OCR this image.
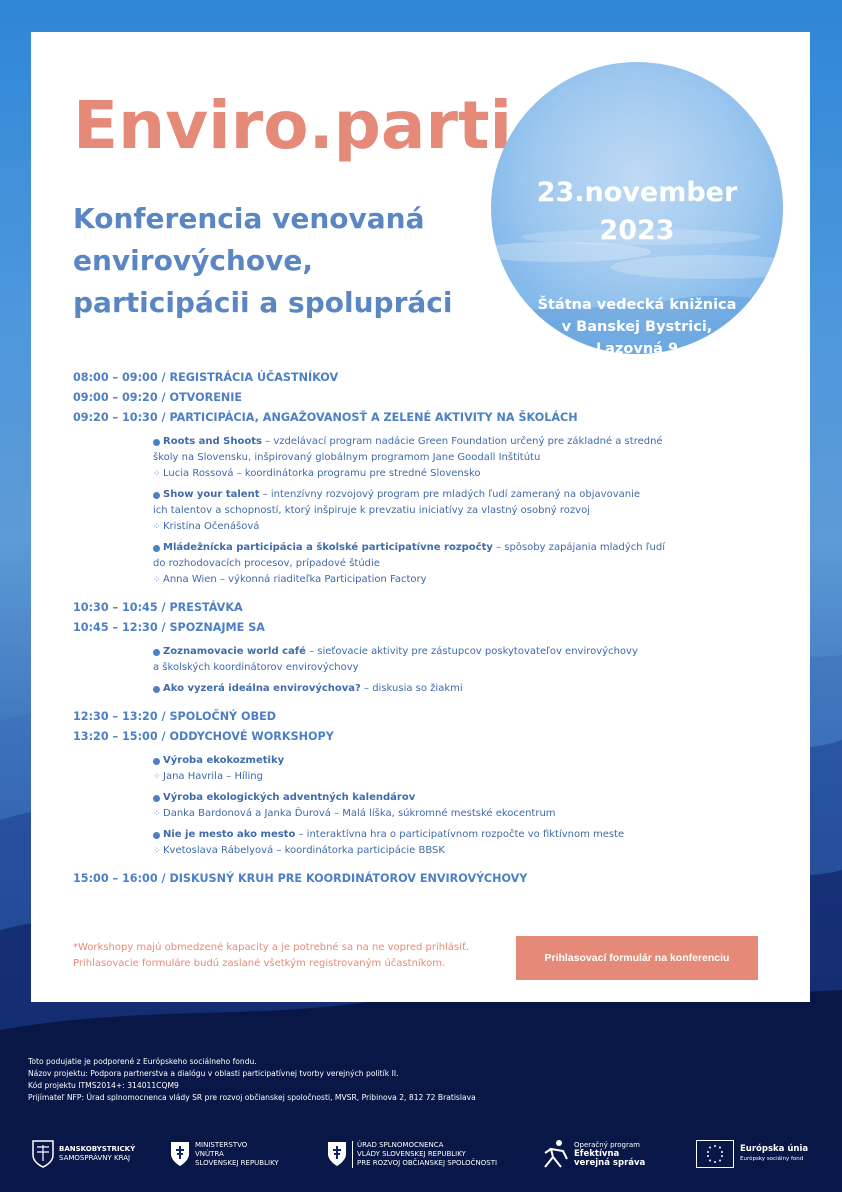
Enviro.parti
Konferencia venovaná
envirovýchove,
participácii a spolupráci
23.november
2023
Štátna vedecká knižnica
v Banskej Bystrici,
Lazovná 9
08:00 – 09:00 / REGISTRÁCIA ÚČASTNÍKOV
09:00 – 09:20 / OTVORENIE
09:20 – 10:30 / PARTICIPÁCIA, ANGAŽOVANOSŤ A ZELENÉ AKTIVITY NA ŠKOLÁCH
Roots and Shoots – vzdelávací program nadácie Green Foundation určený pre základné a stredné
školy na Slovensku, inšpirovaný globálnym programom Jane Goodall Inštitútu
⁘ Lucia Rossová – koordinátorka programu pre stredné Slovensko
Show your talent – intenzívny rozvojový program pre mladých ľudí zameraný na objavovanie
ich talentov a schopností, ktorý inšpiruje k prevzatiu iniciatívy za vlastný osobný rozvoj
⁘ Kristína Očenášová
Mládežnícka participácia a školské participatívne rozpočty – spôsoby zapájania mladých ľudí
do rozhodovacích procesov, prípadové štúdie
⁘ Anna Wien – výkonná riaditeľka Participation Factory
10:30 – 10:45 / PRESTÁVKA
10:45 – 12:30 / SPOZNAJME SA
Zoznamovacie world café – sieťovacie aktivity pre zástupcov poskytovateľov envirovýchovy
a školských koordinátorov envirovýchovy
Ako vyzerá ideálna envirovýchova? – diskusia so žiakmi
12:30 – 13:20 / SPOLOČNÝ OBED
13:20 – 15:00 / ODDYCHOVÉ WORKSHOPY
Výroba ekokozmetiky
⁘ Jana Havrila – Híling
Výroba ekologických adventných kalendárov
⁘ Danka Bardonová a Janka Ďurová – Malá líška, súkromné mestské ekocentrum
Nie je mesto ako mesto – interaktívna hra o participatívnom rozpočte vo fiktívnom meste
⁘ Kvetoslava Rábelyová – koordinátorka participácie BBSK
15:00 – 16:00 / DISKUSNÝ KRUH PRE KOORDINÁTOROV ENVIROVÝCHOVY
*Workshopy majú obmedzené kapacity a je potrebné sa na ne vopred prihlásiť.
Prihlasovacie formuláre budú zaslané všetkým registrovaným účastníkom.	Prihlasovací formulár na konferenciu
Toto podujatie je podporené z Európskeho sociálneho fondu.
Názov projektu: Podpora partnerstva a dialógu v oblasti participatívnej tvorby verejných politík II.
Kód projektu ITMS2014+: 314011CQM9
Prijímateľ NFP: Úrad splnomocnenca vlády SR pre rozvoj občianskej spoločnosti, MVSR, Pribinova 2, 812 72 Bratislava
BANSKOBYSTRICKÝ
SAMOSPRÁVNY KRAJ
MINISTERSTVO
VNÚTRA
SLOVENSKEJ REPUBLIKY
ÚRAD SPLNOMOCNENCA
VLÁDY SLOVENSKEJ REPUBLIKY
PRE ROZVOJ OBČIANSKEJ SPOLOČNOSTI
Operačný program
Efektívna
verejná správa
Európska únia
Európsky sociálny fond
